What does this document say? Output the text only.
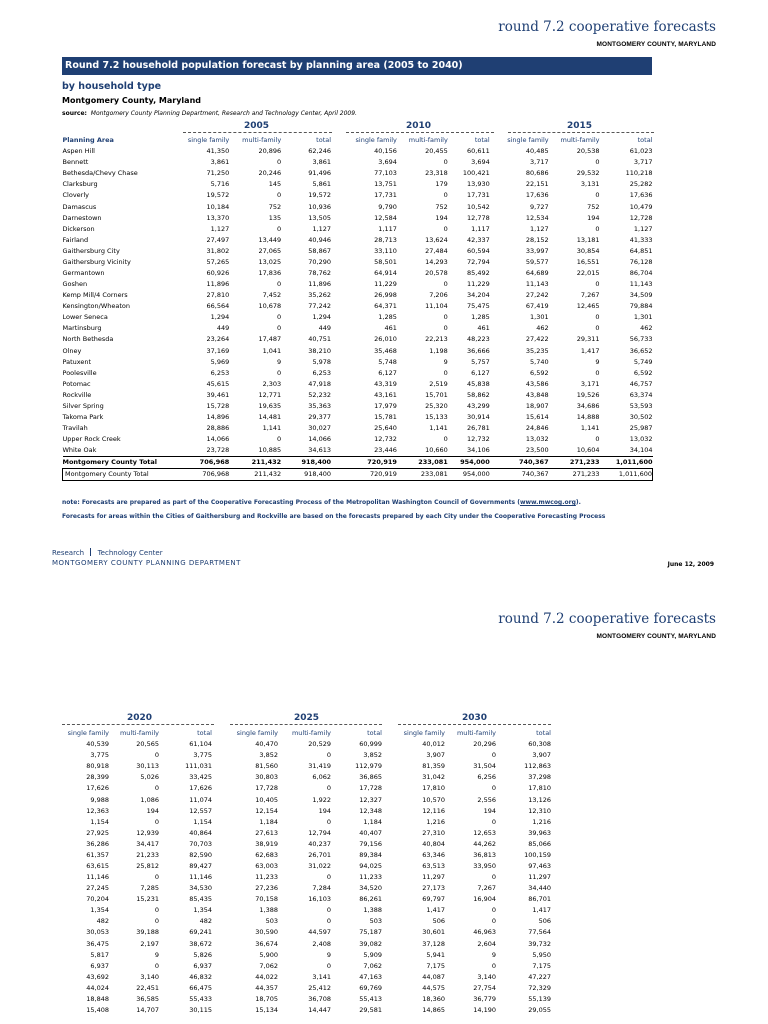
round 7.2 cooperative forecasts
MONTGOMERY COUNTY, MARYLAND
Round 7.2 household population forecast by planning area (2005 to 2040)
by household type
Montgomery County, Maryland
source: Montgomery County Planning Department, Research and Technology Center, April 2009.
2005	2010	2015
Planning Area	single family	multi-family	total	single family	multi-family	total	single family	multi-family	total
Aspen Hill	41,350	20,896	62,246	40,156	20,455	60,611	40,485	20,538	61,023
Bennett	3,861	0	3,861	3,694	0	3,694	3,717	0	3,717
Bethesda/Chevy Chase	71,250	20,246	91,496	77,103	23,318	100,421	80,686	29,532	110,218
Clarksburg	5,716	145	5,861	13,751	179	13,930	22,151	3,131	25,282
Cloverly	19,572	0	19,572	17,731	0	17,731	17,636	0	17,636
Damascus	10,184	752	10,936	9,790	752	10,542	9,727	752	10,479
Darnestown	13,370	135	13,505	12,584	194	12,778	12,534	194	12,728
Dickerson	1,127	0	1,127	1,117	0	1,117	1,127	0	1,127
Fairland	27,497	13,449	40,946	28,713	13,624	42,337	28,152	13,181	41,333
Gaithersburg City	31,802	27,065	58,867	33,110	27,484	60,594	33,997	30,854	64,851
Gaithersburg Vicinity	57,265	13,025	70,290	58,501	14,293	72,794	59,577	16,551	76,128
Germantown	60,926	17,836	78,762	64,914	20,578	85,492	64,689	22,015	86,704
Goshen	11,896	0	11,896	11,229	0	11,229	11,143	0	11,143
Kemp Mill/4 Corners	27,810	7,452	35,262	26,998	7,206	34,204	27,242	7,267	34,509
Kensington/Wheaton	66,564	10,678	77,242	64,371	11,104	75,475	67,419	12,465	79,884
Lower Seneca	1,294	0	1,294	1,285	0	1,285	1,301	0	1,301
Martinsburg	449	0	449	461	0	461	462	0	462
North Bethesda	23,264	17,487	40,751	26,010	22,213	48,223	27,422	29,311	56,733
Olney	37,169	1,041	38,210	35,468	1,198	36,666	35,235	1,417	36,652
Patuxent	5,969	9	5,978	5,748	9	5,757	5,740	9	5,749
Poolesville	6,253	0	6,253	6,127	0	6,127	6,592	0	6,592
Potomac	45,615	2,303	47,918	43,319	2,519	45,838	43,586	3,171	46,757
Rockville	39,461	12,771	52,232	43,161	15,701	58,862	43,848	19,526	63,374
Silver Spring	15,728	19,635	35,363	17,979	25,320	43,299	18,907	34,686	53,593
Takoma Park	14,896	14,481	29,377	15,781	15,133	30,914	15,614	14,888	30,502
Travilah	28,886	1,141	30,027	25,640	1,141	26,781	24,846	1,141	25,987
Upper Rock Creek	14,066	0	14,066	12,732	0	12,732	13,032	0	13,032
White Oak	23,728	10,885	34,613	23,446	10,660	34,106	23,500	10,604	34,104
Montgomery County Total	706,968	211,432	918,400	720,919	233,081	954,000	740,367	271,233	1,011,600
Montgomery County Total	706,968	211,432	918,400	720,919	233,081	954,000	740,367	271,233	1,011,600
note: Forecasts are prepared as part of the Cooperative Forecasting Process of the Metropolitan Washington Council of Governments (www.mwcog.org).
Forecasts for areas within the Cities of Gaithersburg and Rockville are based on the forecasts prepared by each City under the Cooperative Forecasting Process
Research Technology Center
MONTGOMERY COUNTY PLANNING DEPARTMENT	June 12, 2009
round 7.2 cooperative forecasts
MONTGOMERY COUNTY, MARYLAND
2020	2025	2030
single family	multi-family	total	single family	multi-family	total	single family	multi-family	total
40,539	20,565	61,104	40,470	20,529	60,999	40,012	20,296	60,308
3,775	0	3,775	3,852	0	3,852	3,907	0	3,907
80,918	30,113	111,031	81,560	31,419	112,979	81,359	31,504	112,863
28,399	5,026	33,425	30,803	6,062	36,865	31,042	6,256	37,298
17,626	0	17,626	17,728	0	17,728	17,810	0	17,810
9,988	1,086	11,074	10,405	1,922	12,327	10,570	2,556	13,126
12,363	194	12,557	12,154	194	12,348	12,116	194	12,310
1,154	0	1,154	1,184	0	1,184	1,216	0	1,216
27,925	12,939	40,864	27,613	12,794	40,407	27,310	12,653	39,963
36,286	34,417	70,703	38,919	40,237	79,156	40,804	44,262	85,066
61,357	21,233	82,590	62,683	26,701	89,384	63,346	36,813	100,159
63,615	25,812	89,427	63,003	31,022	94,025	63,513	33,950	97,463
11,146	0	11,146	11,233	0	11,233	11,297	0	11,297
27,245	7,285	34,530	27,236	7,284	34,520	27,173	7,267	34,440
70,204	15,231	85,435	70,158	16,103	86,261	69,797	16,904	86,701
1,354	0	1,354	1,388	0	1,388	1,417	0	1,417
482	0	482	503	0	503	506	0	506
30,053	39,188	69,241	30,590	44,597	75,187	30,601	46,963	77,564
36,475	2,197	38,672	36,674	2,408	39,082	37,128	2,604	39,732
5,817	9	5,826	5,900	9	5,909	5,941	9	5,950
6,937	0	6,937	7,062	0	7,062	7,175	0	7,175
43,692	3,140	46,832	44,022	3,141	47,163	44,087	3,140	47,227
44,024	22,451	66,475	44,357	25,412	69,769	44,575	27,754	72,329
18,848	36,585	55,433	18,705	36,708	55,413	18,360	36,779	55,139
15,408	14,707	30,115	15,134	14,447	29,581	14,865	14,190	29,055
